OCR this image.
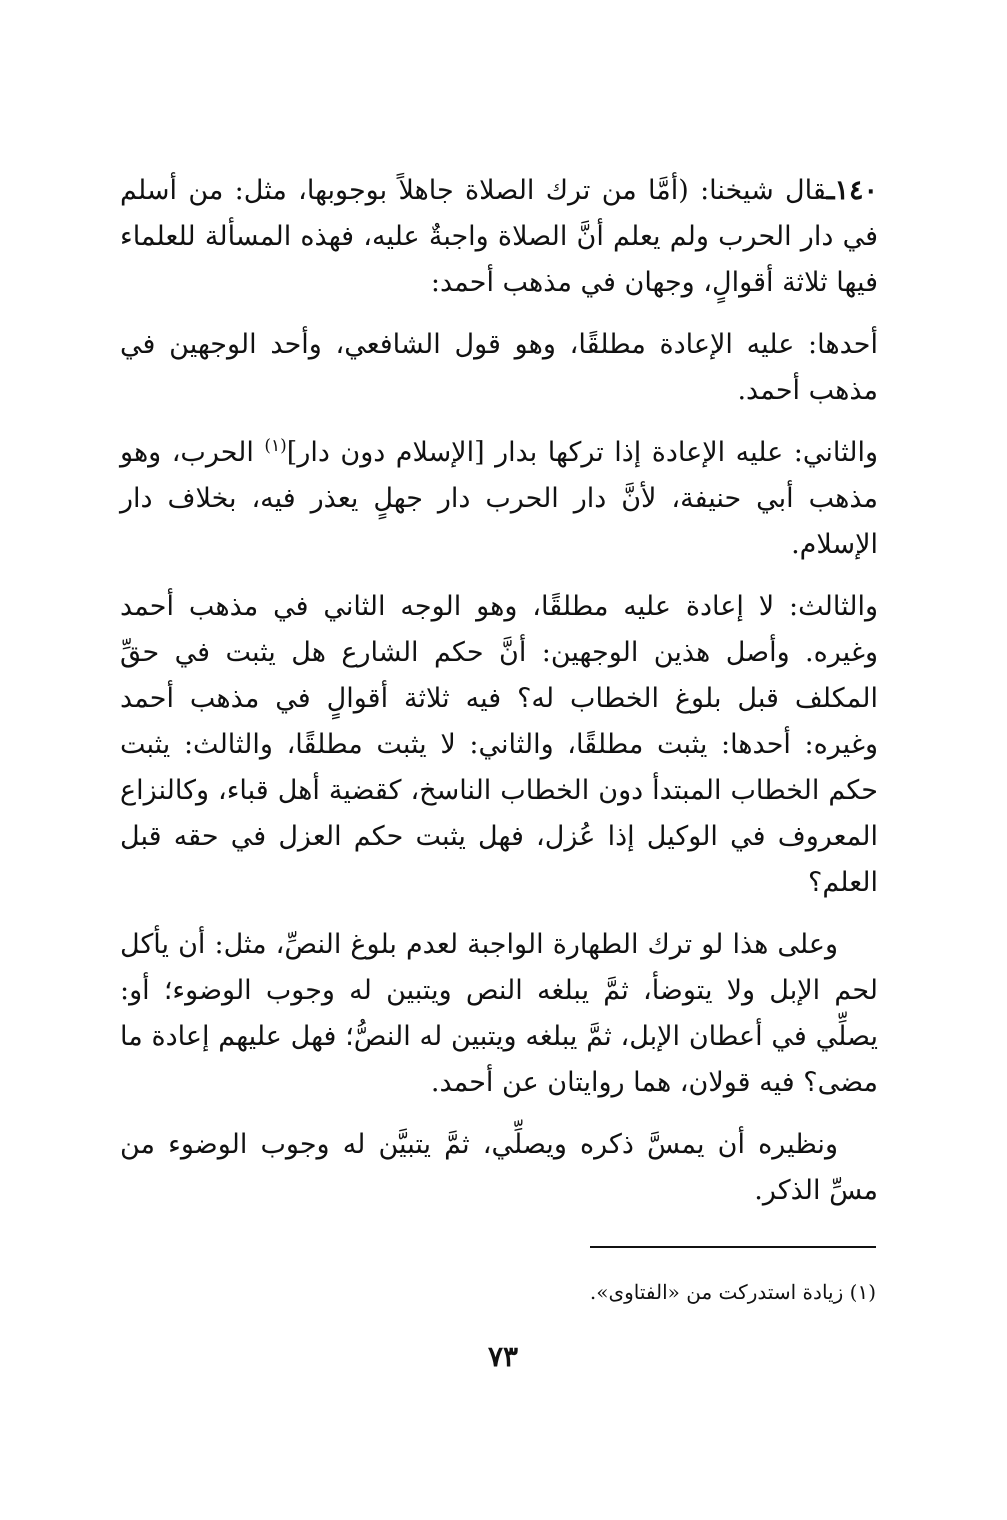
١٤٠ـقال شيخنا: (أمَّا من ترك الصلاة جاهلاً بوجوبها، مثل: من أسلم في دار الحرب ولم يعلم أنَّ الصلاة واجبةٌ عليه، فهذه المسألة للعلماء فيها ثلاثة أقوالٍ، وجهان في مذهب أحمد:

أحدها: عليه الإعادة مطلقًا، وهو قول الشافعي، وأحد الوجهين في مذهب أحمد.

والثاني: عليه الإعادة إذا تركها بدار [الإسلام دون دار]$^{(١)}$ الحرب، وهو مذهب أبي حنيفة، لأنَّ دار الحرب دار جهلٍ يعذر فيه، بخلاف دار الإسلام.

والثالث: لا إعادة عليه مطلقًا، وهو الوجه الثاني في مذهب أحمد وغيره. وأصل هذين الوجهين: أنَّ حكم الشارع هل يثبت في حقِّ المكلف قبل بلوغ الخطاب له؟ فيه ثلاثة أقوالٍ في مذهب أحمد وغيره: أحدها: يثبت مطلقًا، والثاني: لا يثبت مطلقًا، والثالث: يثبت حكم الخطاب المبتدأ دون الخطاب الناسخ، كقضية أهل قباء، وكالنزاع المعروف في الوكيل إذا عُزل، فهل يثبت حكم العزل في حقه قبل العلم؟

وعلى هذا لو ترك الطهارة الواجبة لعدم بلوغ النصِّ، مثل: أن يأكل لحم الإبل ولا يتوضأ، ثمَّ يبلغه النص ويتبين له وجوب الوضوء؛ أو: يصلِّي في أعطان الإبل، ثمَّ يبلغه ويتبين له النصُّ؛ فهل عليهم إعادة ما مضى؟ فيه قولان، هما روايتان عن أحمد.

ونظيره أن يمسَّ ذكره ويصلِّي، ثمَّ يتبيَّن له وجوب الوضوء من مسِّ الذكر.

(١) زيادة استدركت من «الفتاوى».
٧٣
